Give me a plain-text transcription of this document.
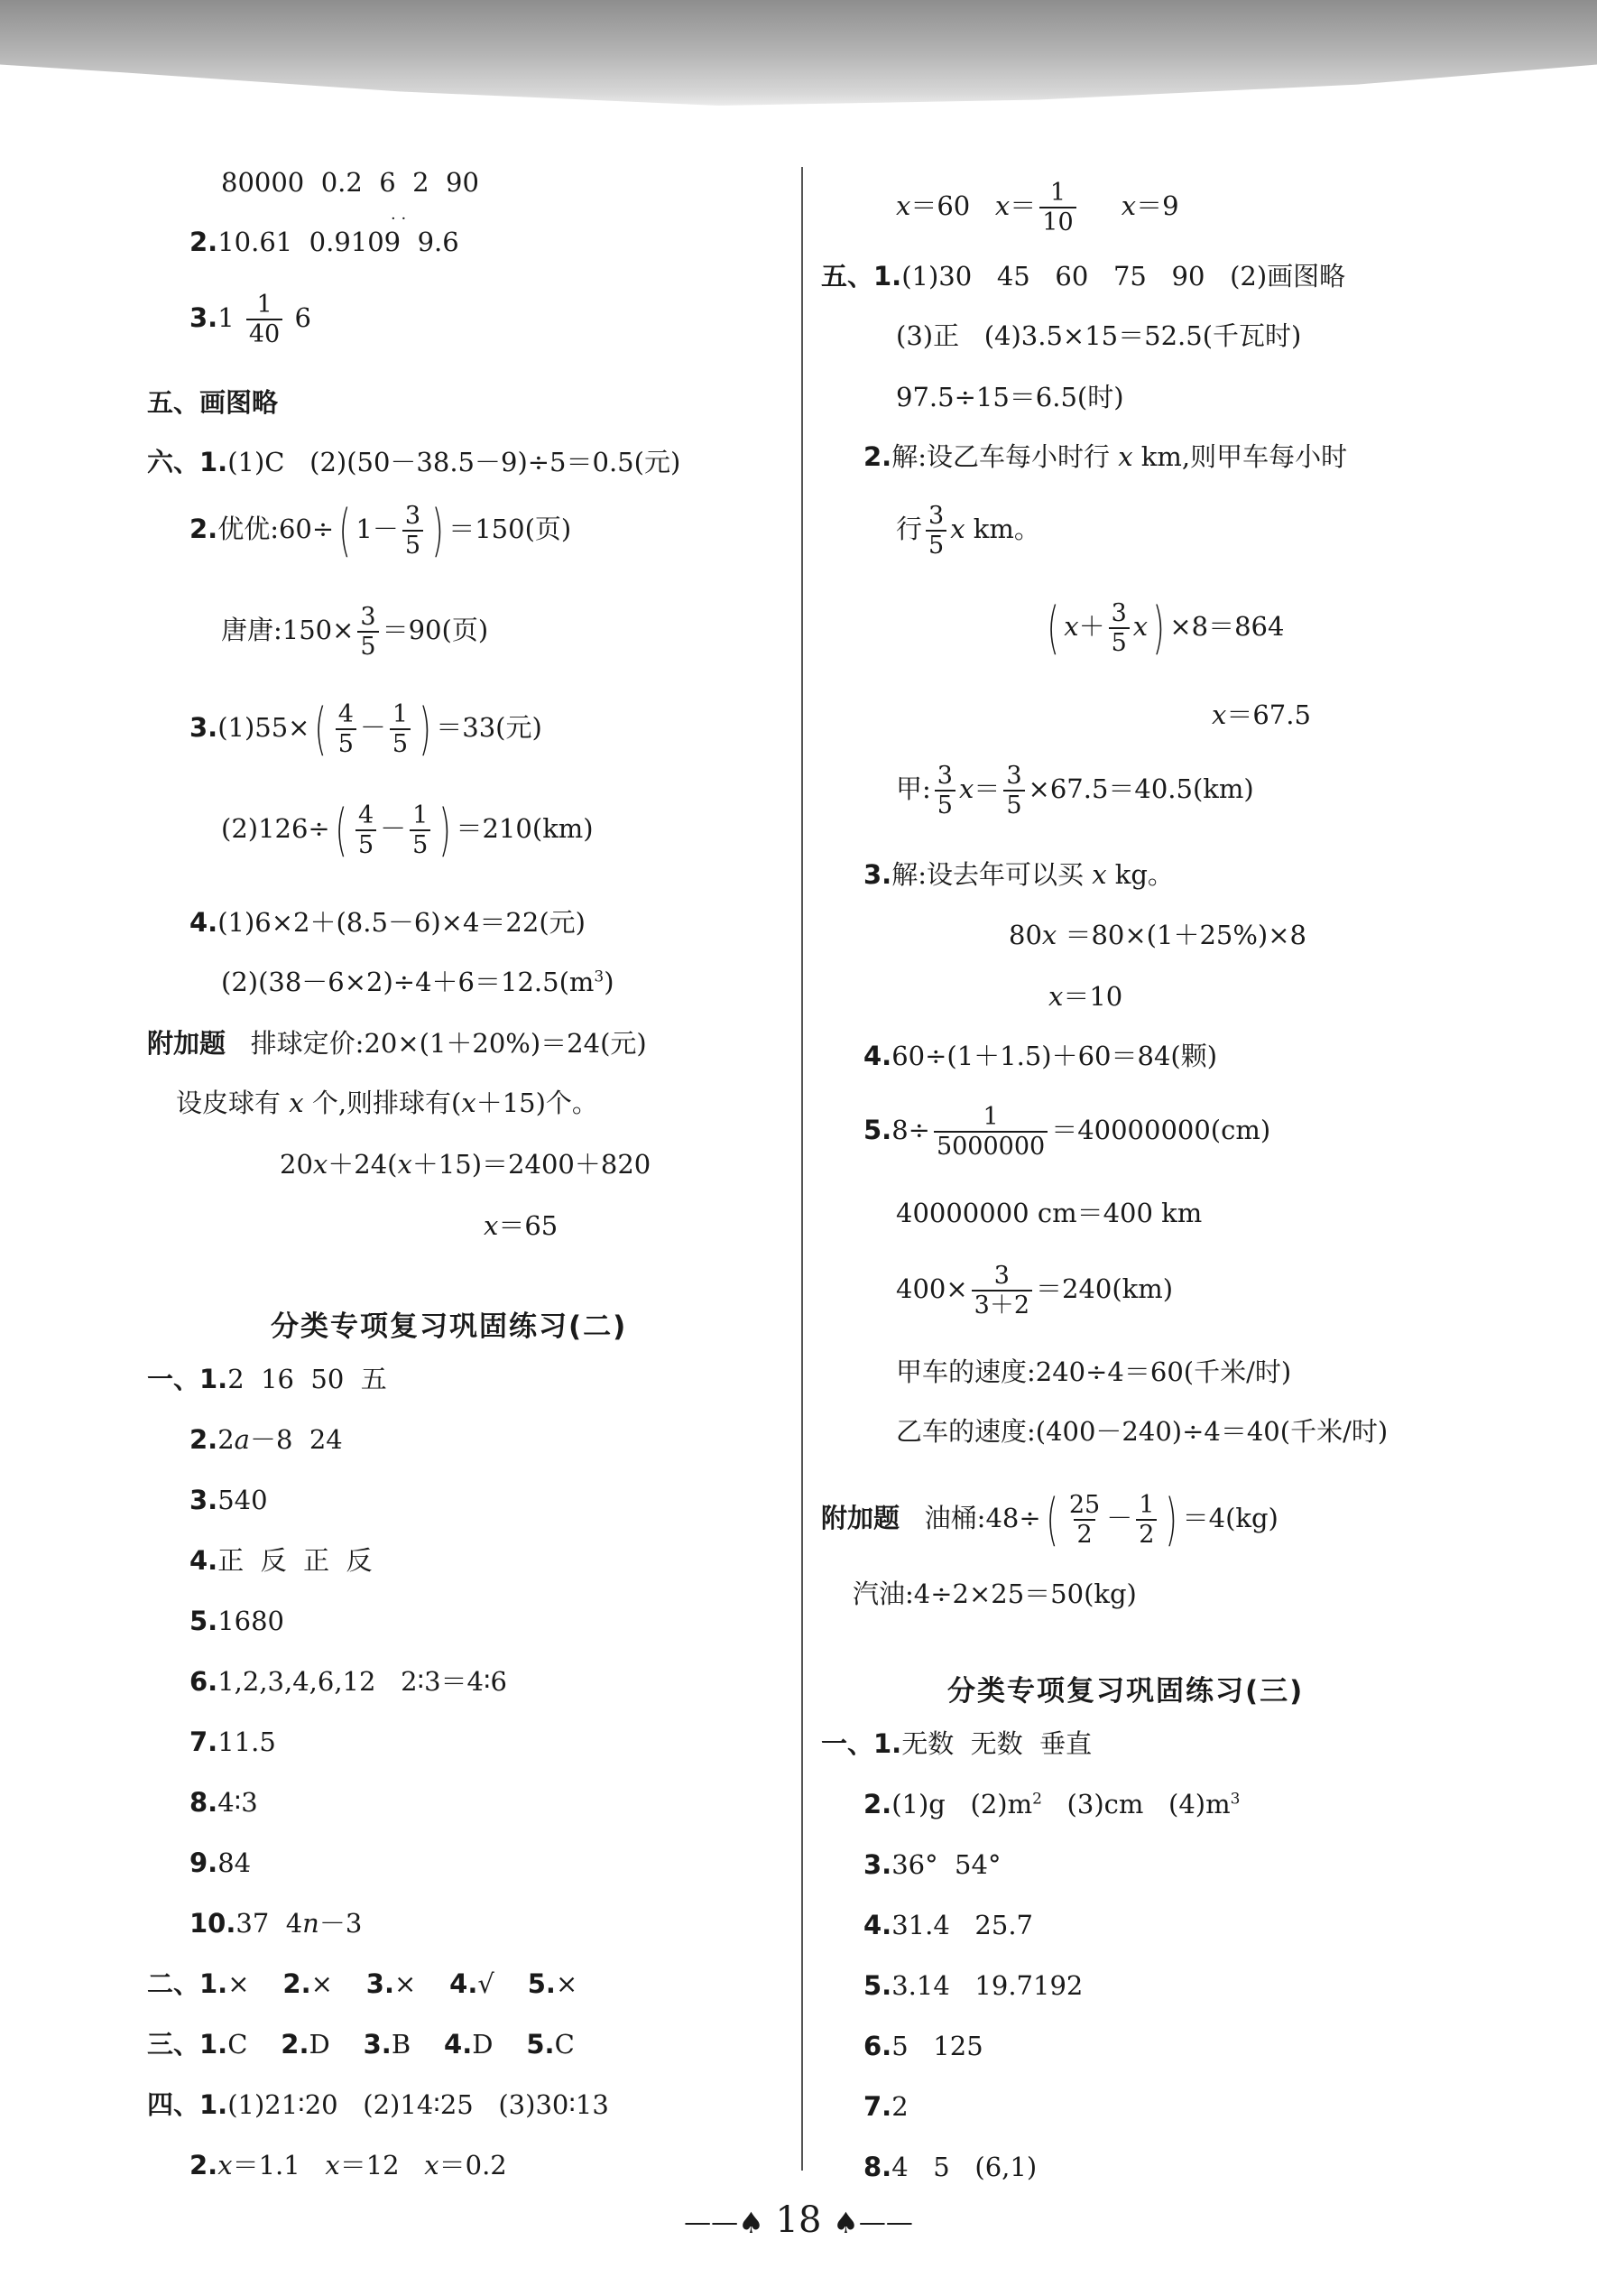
80000  0.2  6  2  90
2.10.61  0.9109  9.6
· ·
$3.1 \frac{1}{40} 6$
五、画图略
六、1.(1)C   (2)(50－38.5－9)÷5＝0.5(元)
2.优优:60÷( $1- \frac{3}{5}$ ) ＝150(页)
唐唐:150× $\frac{3}{5} =90$(页)
$3.(1)55\times( \frac{4}{5} - \frac{1}{5}$ ) ＝33(元)
$(2)126\div( \frac{4}{5} - \frac{1}{5}$ ) ＝210(km)
4.(1)6×2＋(8.5－6)×4＝22(元)
$(2)(38-6\times 2)\div 4+6=12.5(m^3)$
附加题 排球定价:20×(1＋20%)＝24(元)
设皮球有 x 个,则排球有(x＋15)个。
20x＋24(x＋15)＝2400＋820
x＝65
分类专项复习巩固练习(二)
一、1.2  16  50  五
2.2a－8  24
3.540
4.正  反  正  反
5.1680
6.1,2,3,4,6,12   2∶3＝4∶6
7.11.5
8.4∶3
9.84
10.37  4n－3
二、1.× 2.× 3.× 4.√ 5.×
三、1.C 2.D 3.B 4.D 5.C
四、1.(1)21∶20   (2)14∶25   (3)30∶13
2.x＝1.1   x＝12   x＝0.2
x＝60   $x= \frac{1}{10} x=9$
五、1.(1)30   45   60   75   90   (2)画图略
(3)正   (4)3.5×15＝52.5(千瓦时)
97.5÷15＝6.5(时)
2.解:设乙车每小时行 x km,则甲车每小时
行 $\frac{3}{5}$ x km。
( $x+ \frac{3}{5} x) \times 8=864$
x＝67.5
甲: $\frac{3}{5} x= \frac{3}{5} \times 67.5=40.5(km)$
3.解:设去年可以买 x kg。
80x ＝80×(1＋25%)×8
x＝10
4.60÷(1＋1.5)＋60＝84(颗)
$5.8\div \frac{1}{5000000} =40000000(cm)$
40000000 cm＝400 km
$400\times \frac{3}{3+2} =240(km)$
甲车的速度:240÷4＝60(千米/时)
乙车的速度:(400－240)÷4＝40(千米/时)
附加题 油桶:48÷( $\frac{25}{2} - \frac{1}{2}$ ) ＝4(kg)
汽油:4÷2×25＝50(kg)
分类专项复习巩固练习(三)
一、1.无数  无数  垂直
2.(1)g   $(2)m^2$   (3)cm   $(4)m^3$
3.36°  54°
4.31.4   25.7
5.3.14   19.7192
6.5   125
7.2
8.4   5   (6,1)
——♠ 18 ♠——
